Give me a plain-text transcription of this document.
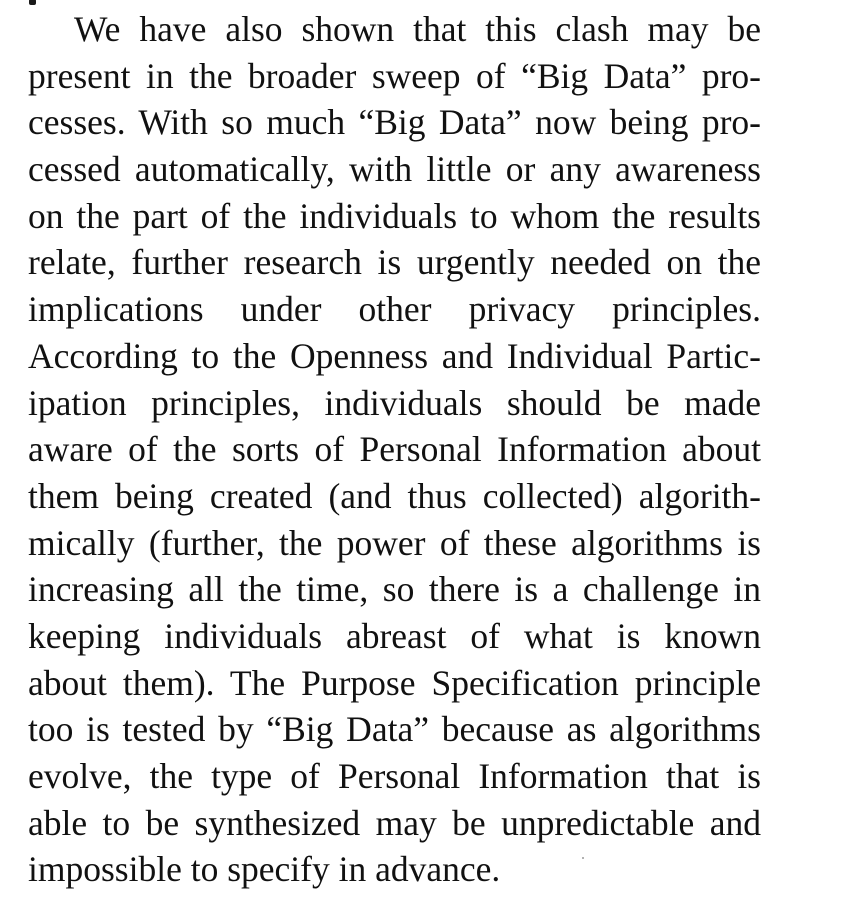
We have also shown that this clash may be
present in the broader sweep of “Big Data” pro-
cesses. With so much “Big Data” now being pro-
cessed automatically, with little or any awareness
on the part of the individuals to whom the results
relate, further research is urgently needed on the
implications under other privacy principles.
According to the Openness and Individual Partic-
ipation principles, individuals should be made
aware of the sorts of Personal Information about
them being created (and thus collected) algorith-
mically (further, the power of these algorithms is
increasing all the time, so there is a challenge in
keeping individuals abreast of what is known
about them). The Purpose Specification principle
too is tested by “Big Data” because as algorithms
evolve, the type of Personal Information that is
able to be synthesized may be unpredictable and
impossible to specify in advance.
